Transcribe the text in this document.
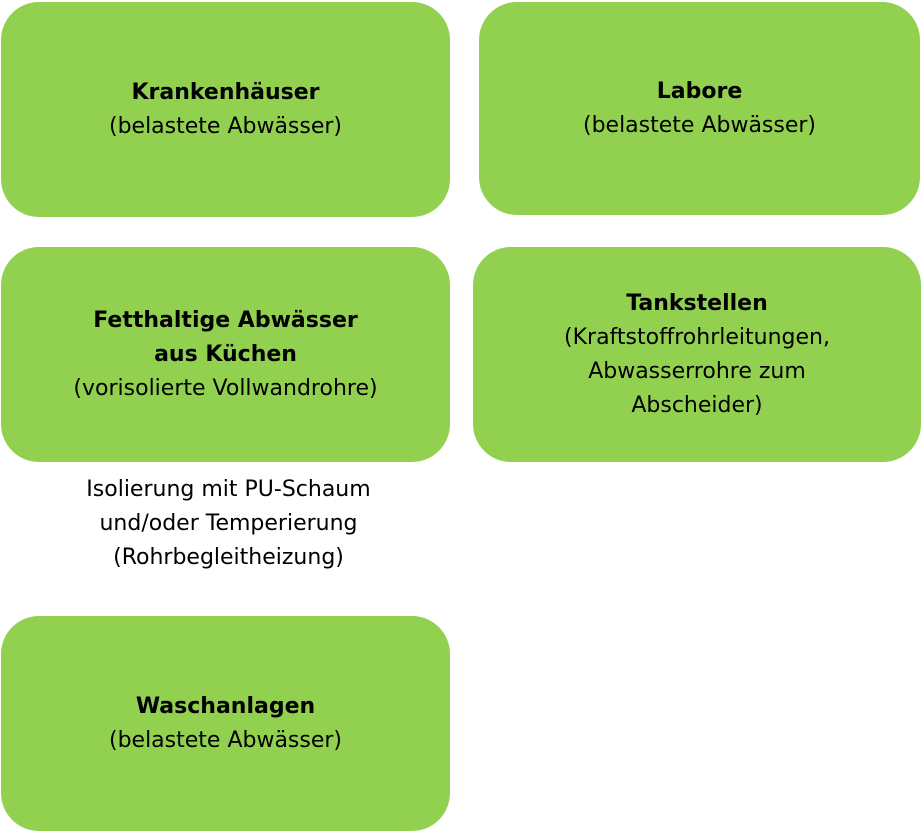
Krankenhäuser
(belastete Abwässer)
Labore
(belastete Abwässer)
Fetthaltige Abwässer
aus Küchen
(vorisolierte Vollwandrohre)
Tankstellen
(Kraftstoffrohrleitungen,
Abwasserrohre zum
Abscheider)
Isolierung mit PU-Schaum
und/oder Temperierung
(Rohrbegleitheizung)
Waschanlagen
(belastete Abwässer)
